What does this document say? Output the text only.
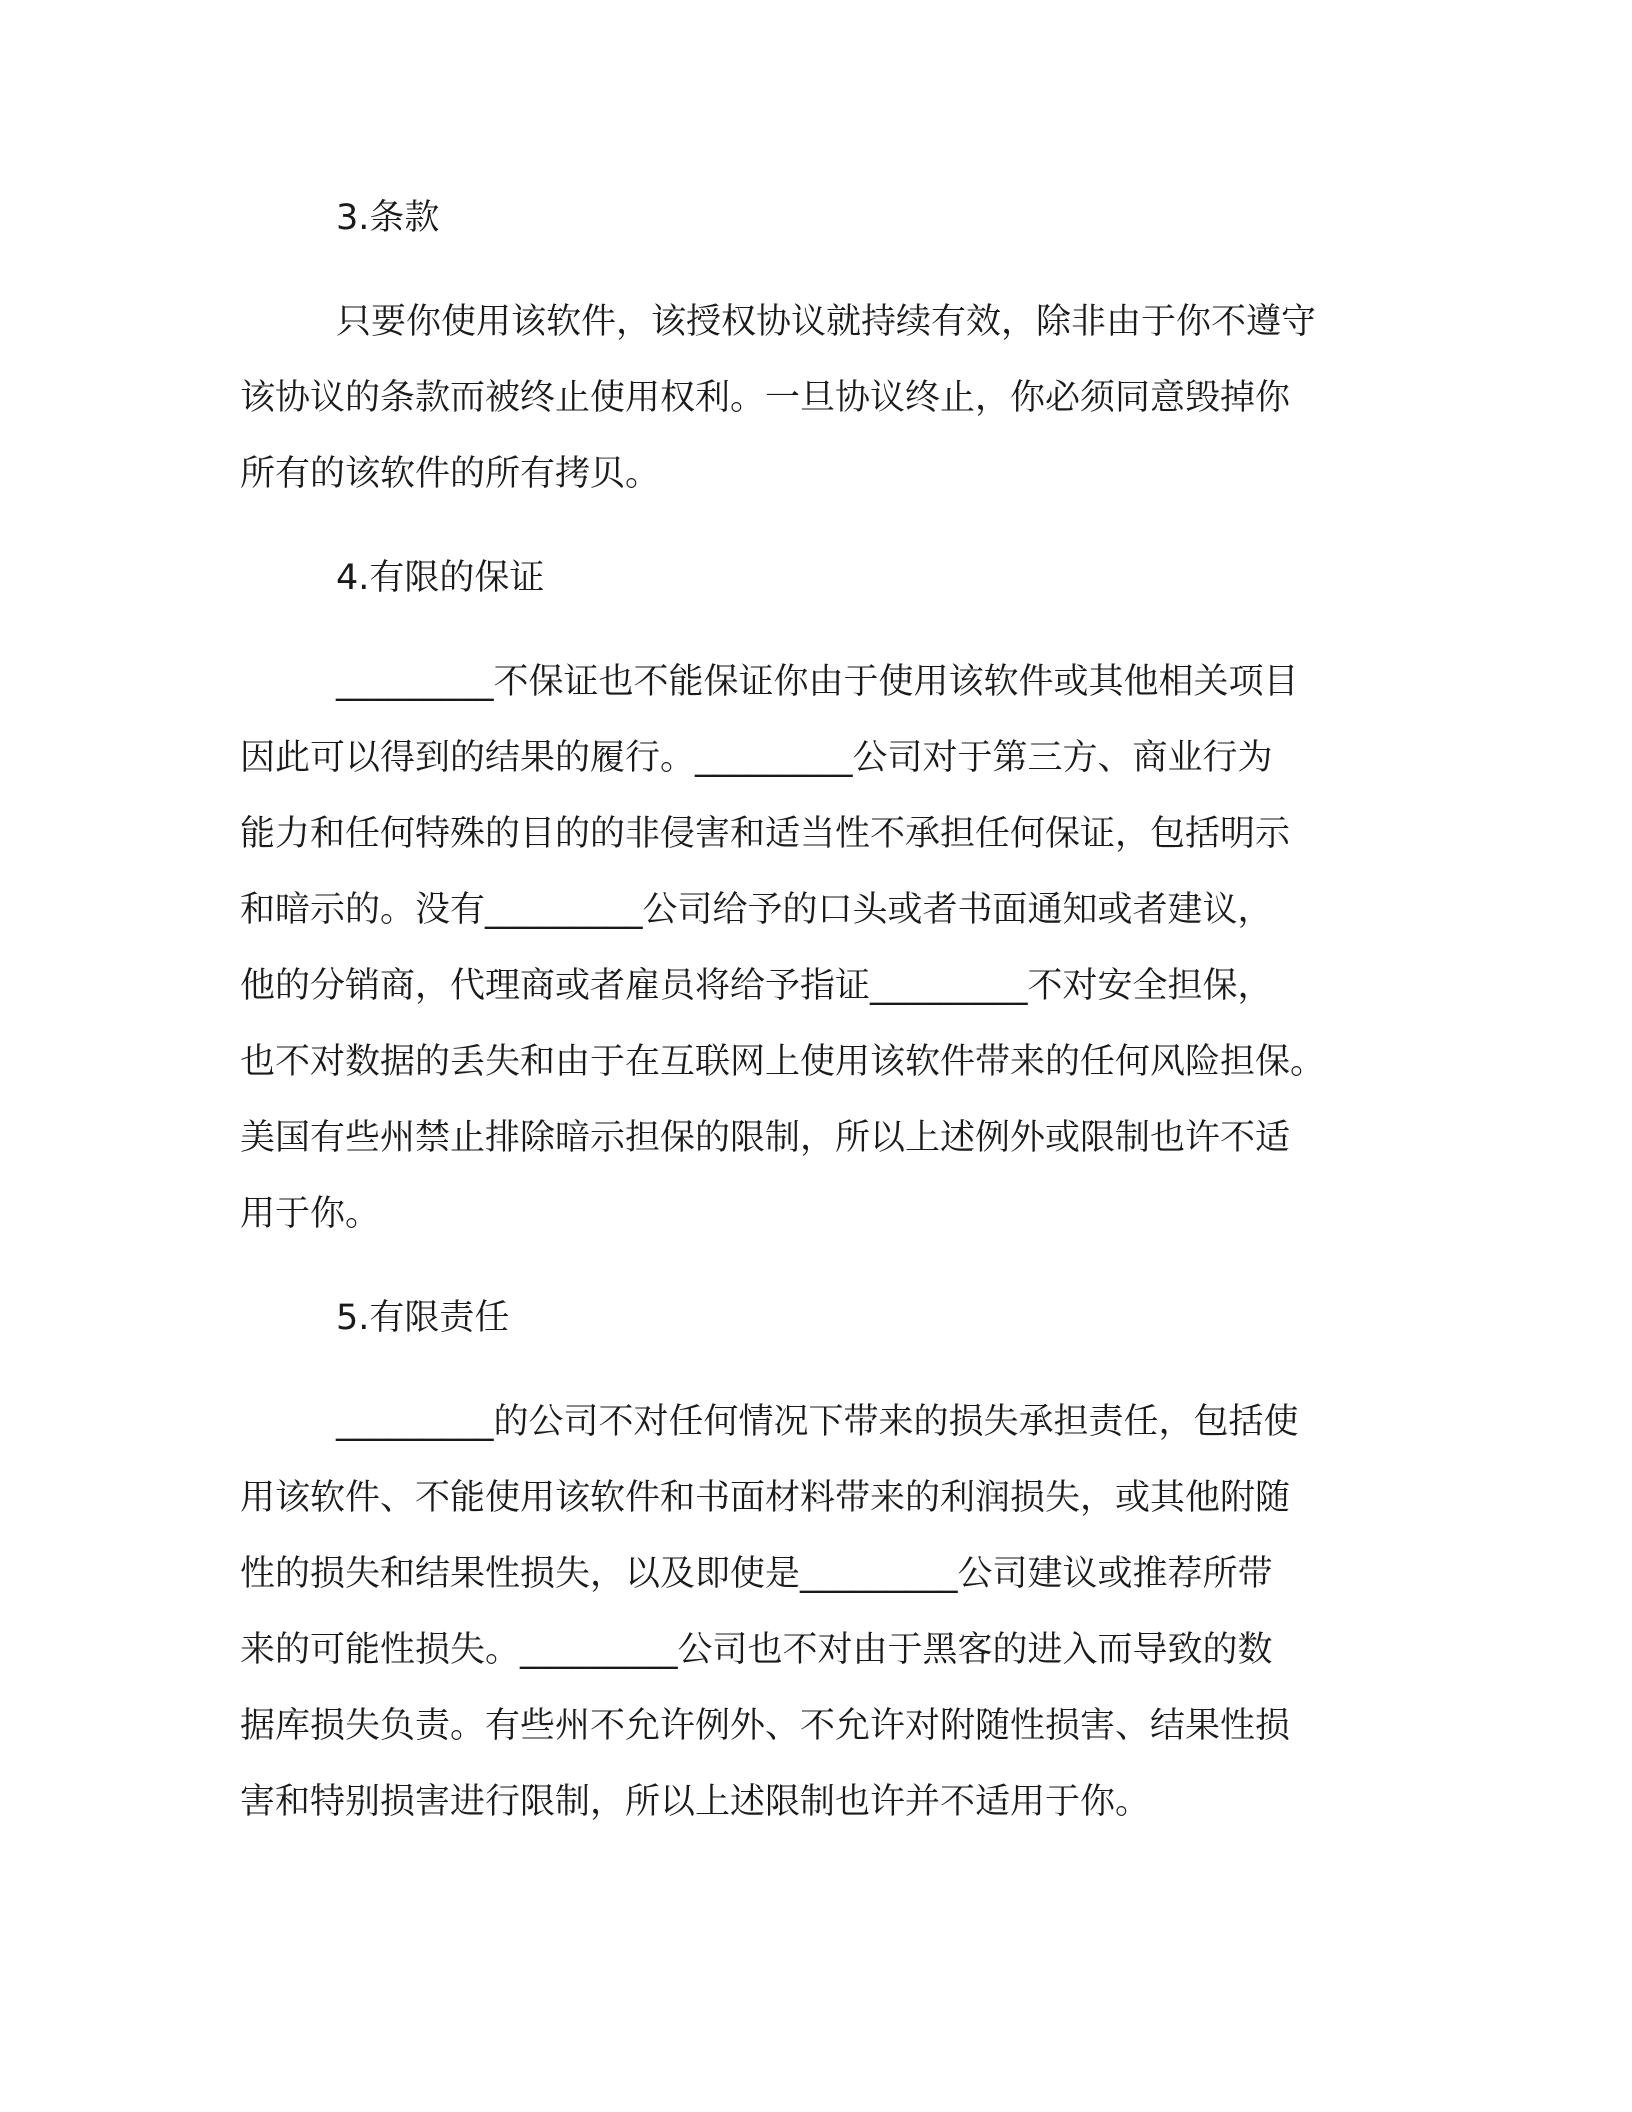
3.条款

只要你使用该软件，该授权协议就持续有效，除非由于你不遵守
该协议的条款而被终止使用权利。一旦协议终止，你必须同意毁掉你
所有的该软件的所有拷贝。

4.有限的保证

_________不保证也不能保证你由于使用该软件或其他相关项目
因此可以得到的结果的履行。_________公司对于第三方、商业行为
能力和任何特殊的目的的非侵害和适当性不承担任何保证，包括明示
和暗示的。没有_________公司给予的口头或者书面通知或者建议，
他的分销商，代理商或者雇员将给予指证_________不对安全担保，
也不对数据的丢失和由于在互联网上使用该软件带来的任何风险担保。
美国有些州禁止排除暗示担保的限制，所以上述例外或限制也许不适
用于你。

5.有限责任

_________的公司不对任何情况下带来的损失承担责任，包括使
用该软件、不能使用该软件和书面材料带来的利润损失，或其他附随
性的损失和结果性损失，以及即使是_________公司建议或推荐所带
来的可能性损失。_________公司也不对由于黑客的进入而导致的数
据库损失负责。有些州不允许例外、不允许对附随性损害、结果性损
害和特别损害进行限制，所以上述限制也许并不适用于你。
